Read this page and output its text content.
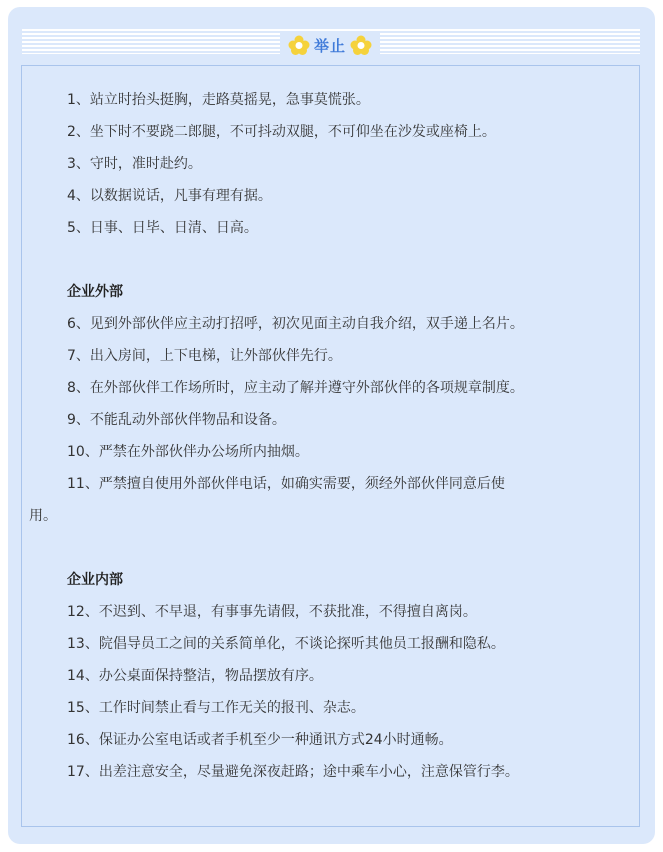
举止
1、站立时抬头挺胸，走路莫摇晃，急事莫慌张。
2、坐下时不要跷二郎腿，不可抖动双腿，不可仰坐在沙发或座椅上。
3、守时，准时赴约。
4、以数据说话，凡事有理有据。
5、日事、日毕、日清、日高。
企业外部
6、见到外部伙伴应主动打招呼，初次见面主动自我介绍，双手递上名片。
7、出入房间，上下电梯，让外部伙伴先行。
8、在外部伙伴工作场所时，应主动了解并遵守外部伙伴的各项规章制度。
9、不能乱动外部伙伴物品和设备。
10、严禁在外部伙伴办公场所内抽烟。
11、严禁擅自使用外部伙伴电话，如确实需要，须经外部伙伴同意后使
用。
企业内部
12、不迟到、不早退，有事事先请假，不获批准，不得擅自离岗。
13、院倡导员工之间的关系简单化，不谈论探听其他员工报酬和隐私。
14、办公桌面保持整洁，物品摆放有序。
15、工作时间禁止看与工作无关的报刊、杂志。
16、保证办公室电话或者手机至少一种通讯方式24小时通畅。
17、出差注意安全，尽量避免深夜赶路；途中乘车小心，注意保管行李。
